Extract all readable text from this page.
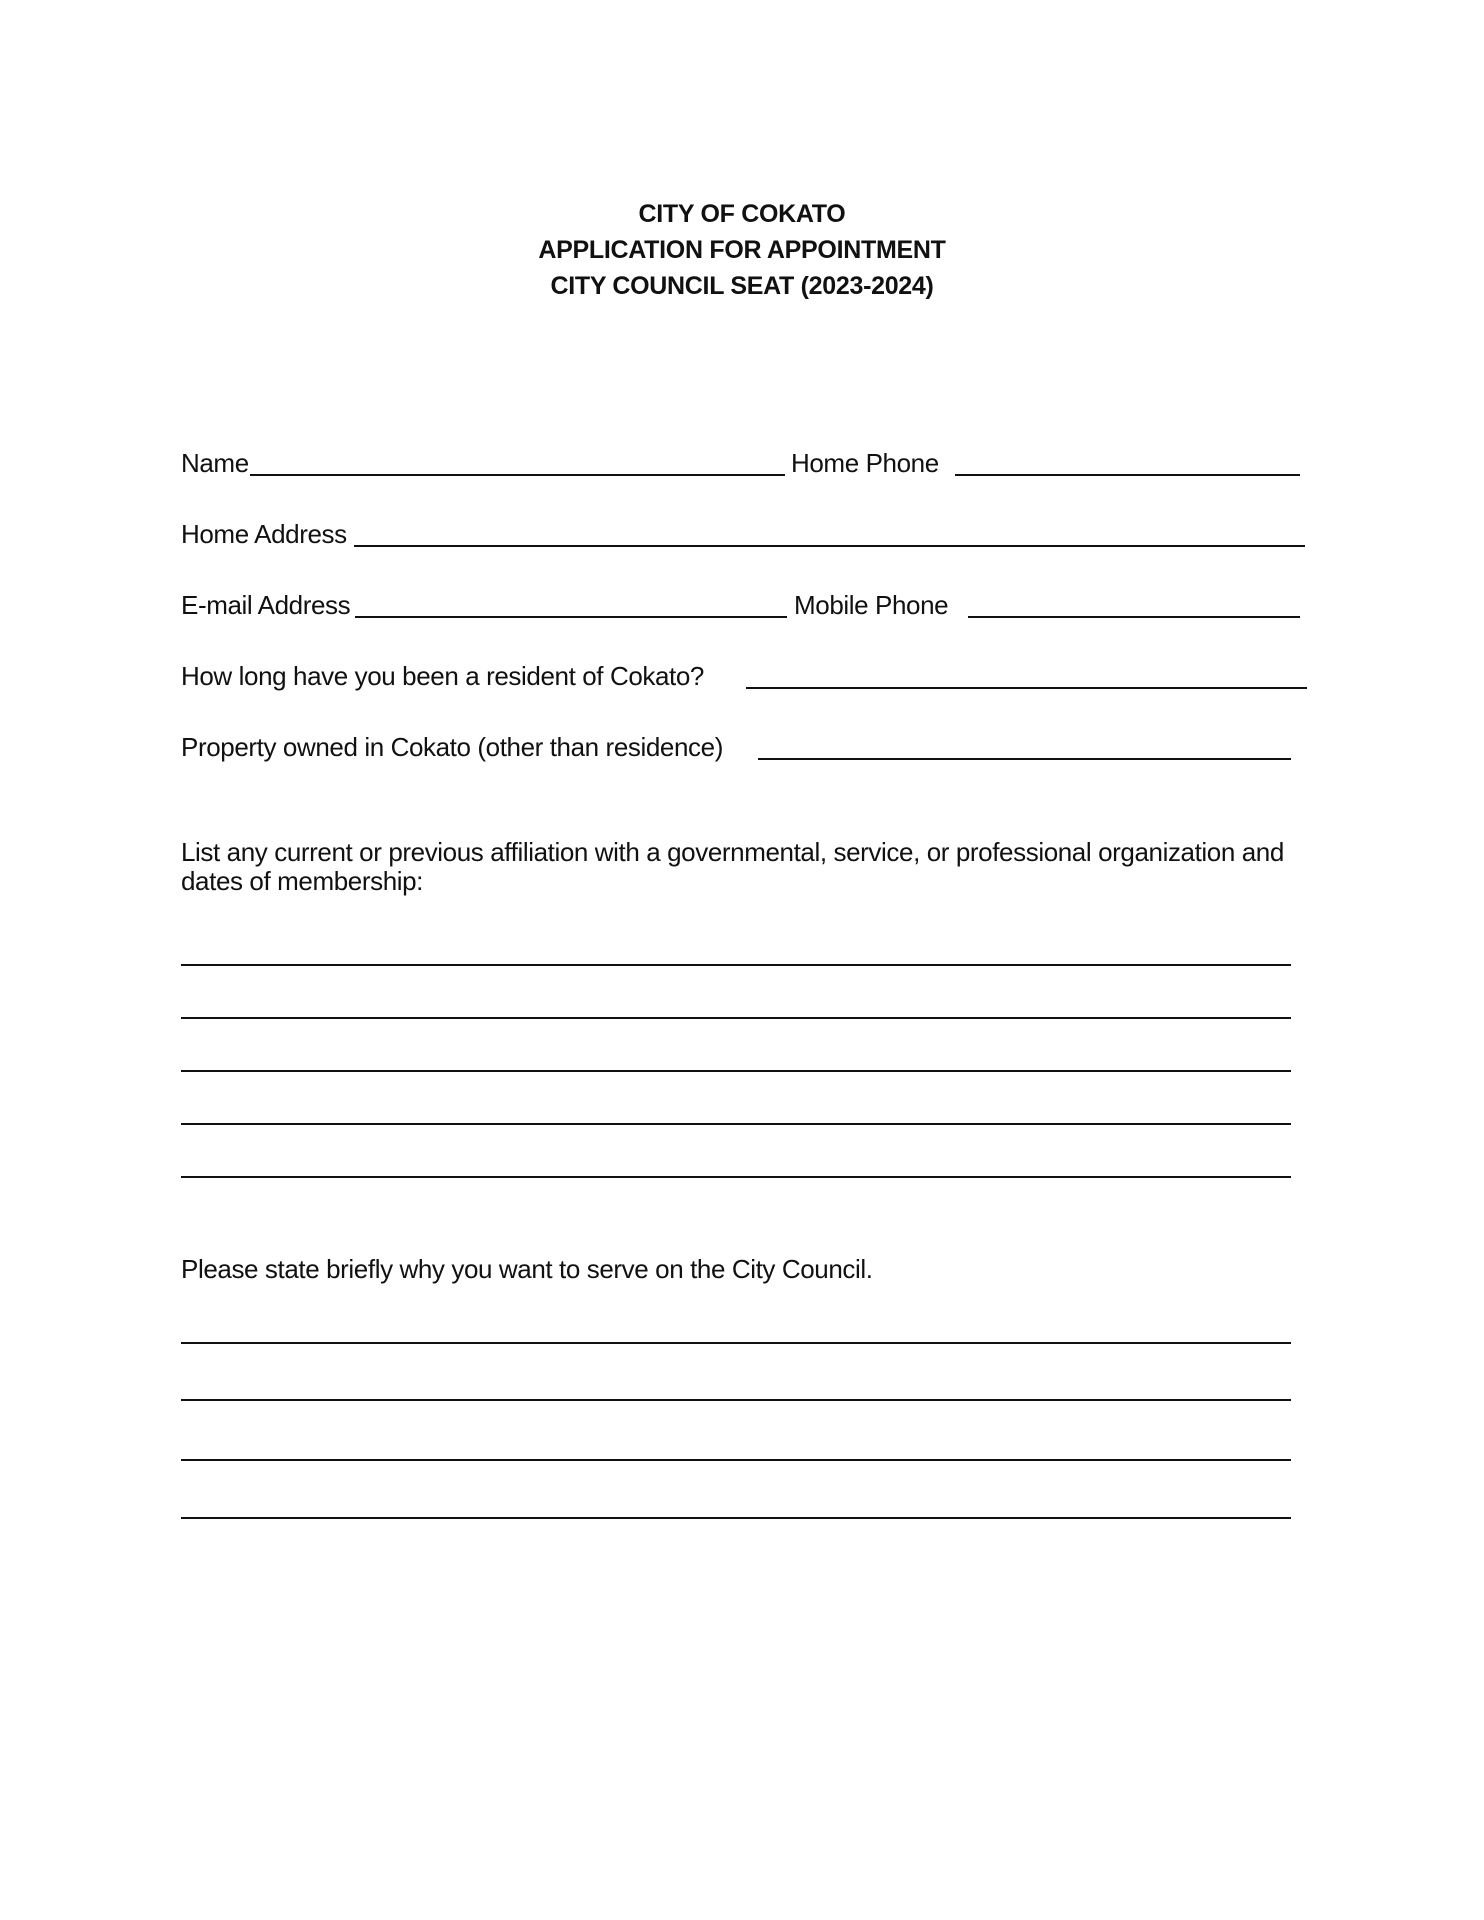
CITY OF COKATO
APPLICATION FOR APPOINTMENT
CITY COUNCIL SEAT (2023-2024)
Name	Home Phone
Home Address
E-mail Address	Mobile Phone
How long have you been a resident of Cokato?
Property owned in Cokato (other than residence)
List any current or previous affiliation with a governmental, service, or professional organization and dates of membership:
Please state briefly why you want to serve on the City Council.
